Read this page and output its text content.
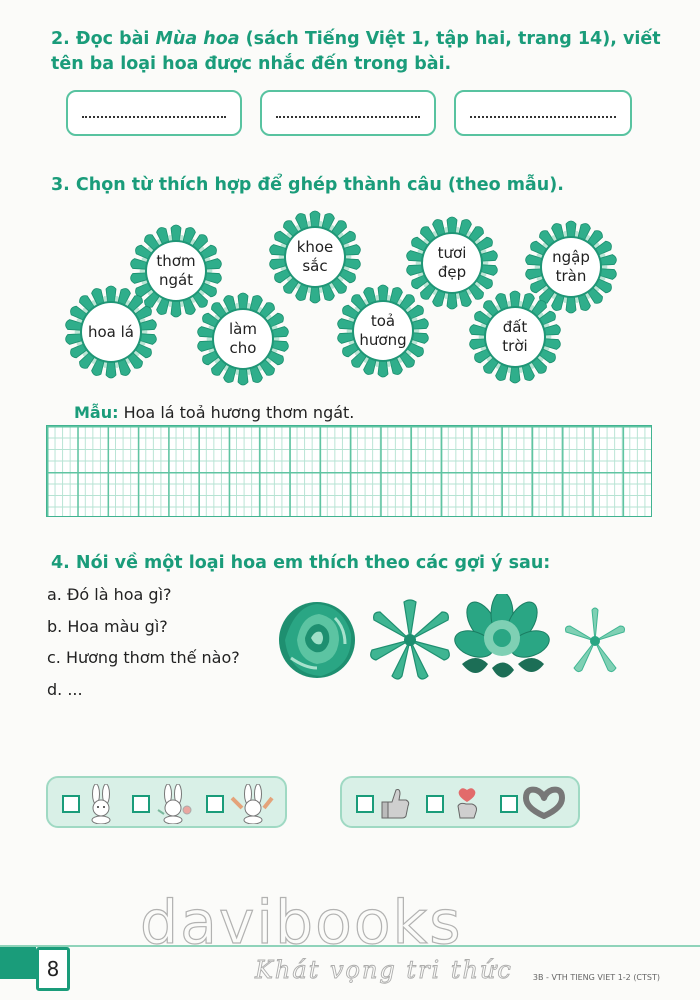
2. Đọc bài Mùa hoa (sách Tiếng Việt 1, tập hai, trang 14), viết
tên ba loại hoa được nhắc đến trong bài.
3. Chọn từ thích hợp để ghép thành câu (theo mẫu).
thơm
ngát
khoe
sắc
tươi
đẹp
ngập
tràn
hoa lá	làm
cho
toả
hương
đất
trời
Mẫu: Hoa lá toả hương thơm ngát.
4. Nói về một loại hoa em thích theo các gợi ý sau:
a. Đó là hoa gì?
b. Hoa màu gì?
c. Hương thơm thế nào?
d. ...
8
davibooks
Khát vọng tri thức	3B - VTH TIENG VIET 1-2 (CTST)
